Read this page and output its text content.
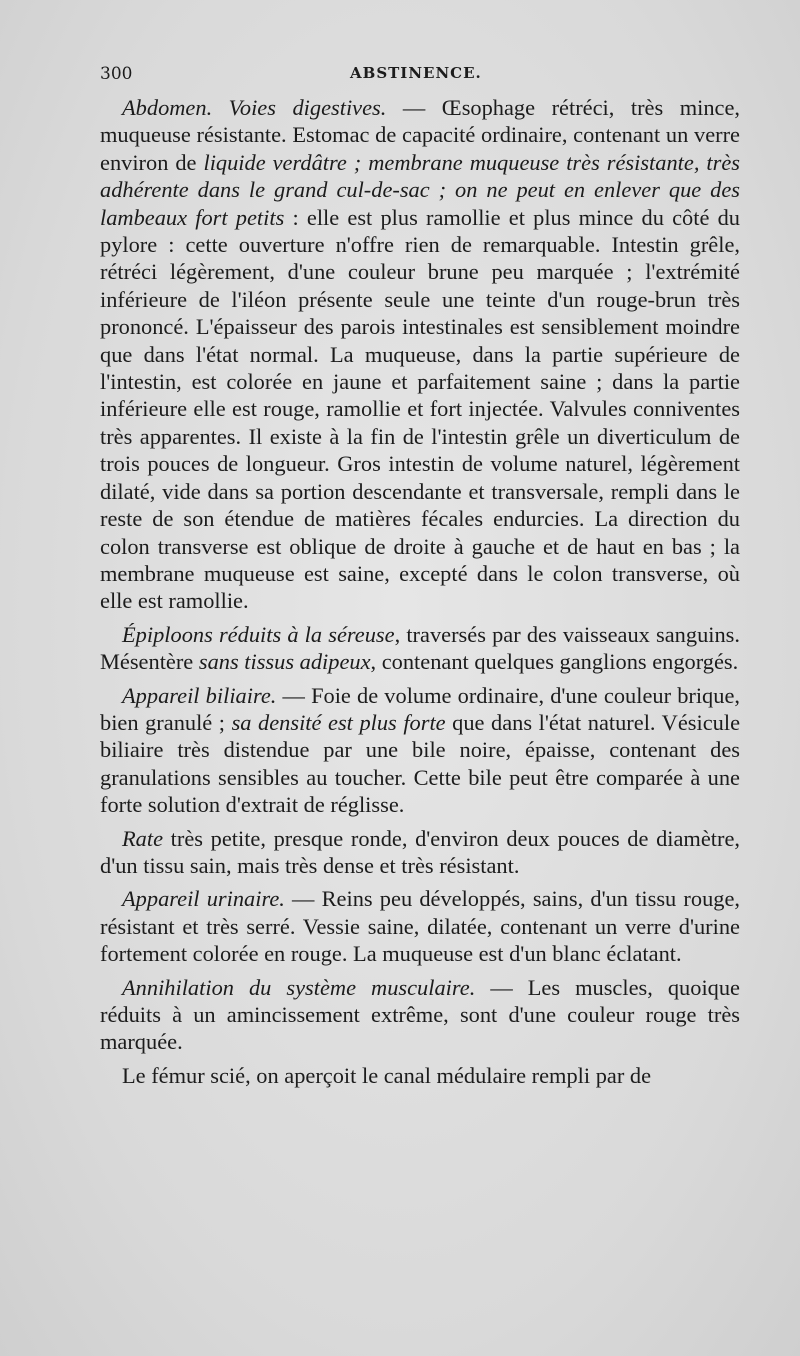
300	ABSTINENCE.

Abdomen. Voies digestives. — Œsophage rétréci, très mince, muqueuse résistante. Estomac de capacité ordinaire, contenant un verre environ de liquide verdâtre ; membrane muqueuse très résistante, très adhérente dans le grand cul-de-sac ; on ne peut en enlever que des lambeaux fort petits : elle est plus ramollie et plus mince du côté du pylore : cette ouverture n'offre rien de remarquable. Intestin grêle, rétréci légèrement, d'une couleur brune peu marquée ; l'extrémité inférieure de l'iléon présente seule une teinte d'un rouge-brun très prononcé. L'épaisseur des parois intestinales est sensiblement moindre que dans l'état normal. La muqueuse, dans la partie supérieure de l'intestin, est colorée en jaune et parfaitement saine ; dans la partie inférieure elle est rouge, ramollie et fort injectée. Valvules conniventes très apparentes. Il existe à la fin de l'intestin grêle un diverticulum de trois pouces de longueur. Gros intestin de volume naturel, légèrement dilaté, vide dans sa portion descendante et transversale, rempli dans le reste de son étendue de matières fécales endurcies. La direction du colon transverse est oblique de droite à gauche et de haut en bas ; la membrane muqueuse est saine, excepté dans le colon transverse, où elle est ramollie.

Épiploons réduits à la séreuse, traversés par des vaisseaux sanguins. Mésentère sans tissus adipeux, contenant quelques ganglions engorgés.

Appareil biliaire. — Foie de volume ordinaire, d'une couleur brique, bien granulé ; sa densité est plus forte que dans l'état naturel. Vésicule biliaire très distendue par une bile noire, épaisse, contenant des granulations sensibles au toucher. Cette bile peut être comparée à une forte solution d'extrait de réglisse.

Rate très petite, presque ronde, d'environ deux pouces de diamètre, d'un tissu sain, mais très dense et très résistant.

Appareil urinaire. — Reins peu développés, sains, d'un tissu rouge, résistant et très serré. Vessie saine, dilatée, contenant un verre d'urine fortement colorée en rouge. La muqueuse est d'un blanc éclatant.

Annihilation du système musculaire. — Les muscles, quoique réduits à un amincissement extrême, sont d'une couleur rouge très marquée.

Le fémur scié, on aperçoit le canal médulaire rempli par de
